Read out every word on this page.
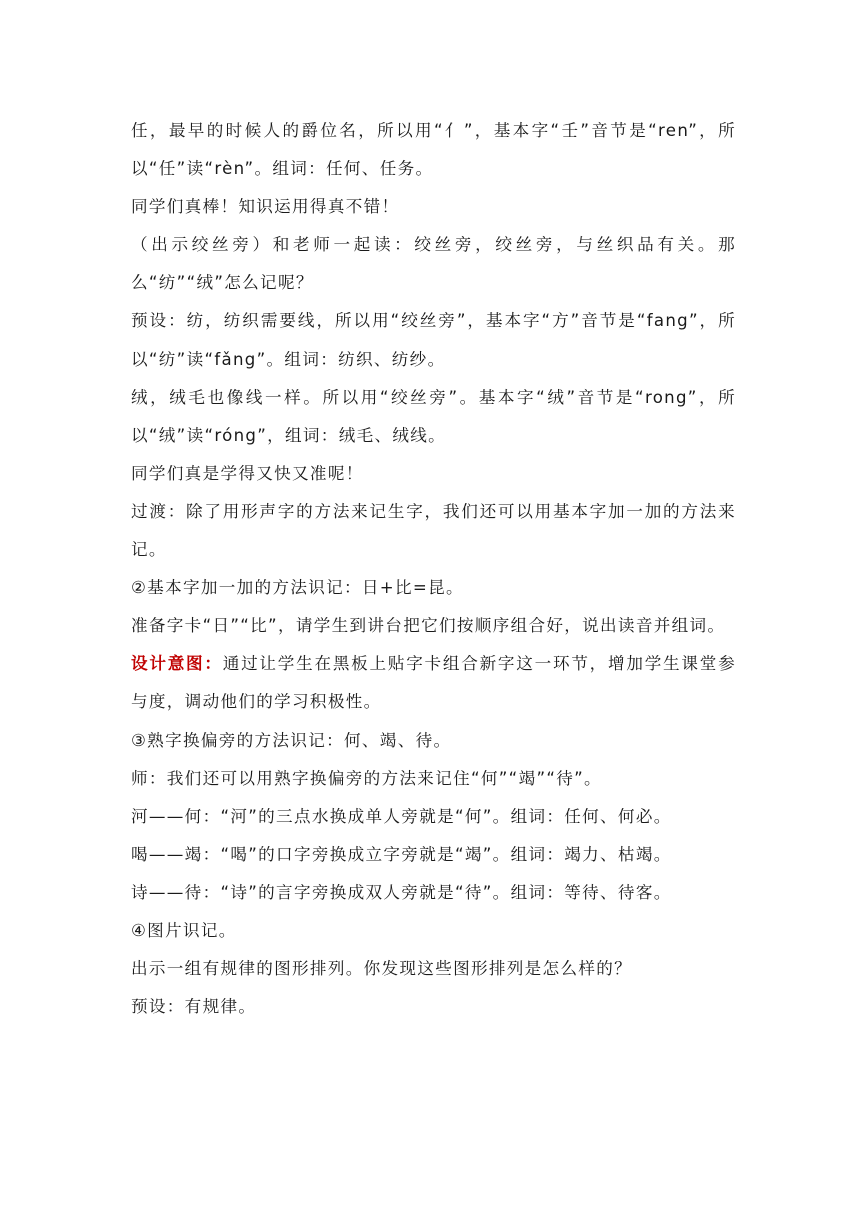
任，最早的时候人的爵位名，所以用“亻”，基本字“壬”音节是“ren”，所以“任”读“rèn”。组词：任何、任务。

同学们真棒！知识运用得真不错！

（出示绞丝旁）和老师一起读：绞丝旁，绞丝旁，与丝织品有关。那么“纺”“绒”怎么记呢？

预设：纺，纺织需要线，所以用“绞丝旁”，基本字“方”音节是“fang”，所以“纺”读“fǎng”。组词：纺织、纺纱。

绒，绒毛也像线一样。所以用“绞丝旁”。基本字“绒”音节是“rong”，所以“绒”读“róng”，组词：绒毛、绒线。

同学们真是学得又快又准呢！

过渡：除了用形声字的方法来记生字，我们还可以用基本字加一加的方法来记。

②基本字加一加的方法识记：日+比=昆。

准备字卡“日”“比”，请学生到讲台把它们按顺序组合好，说出读音并组词。

设计意图：通过让学生在黑板上贴字卡组合新字这一环节，增加学生课堂参与度，调动他们的学习积极性。

③熟字换偏旁的方法识记：何、竭、待。

师：我们还可以用熟字换偏旁的方法来记住“何”“竭”“待”。

河——何：“河”的三点水换成单人旁就是“何”。组词：任何、何必。

喝——竭：“喝”的口字旁换成立字旁就是“竭”。组词：竭力、枯竭。

诗——待：“诗”的言字旁换成双人旁就是“待”。组词：等待、待客。

④图片识记。

出示一组有规律的图形排列。你发现这些图形排列是怎么样的？

预设：有规律。
